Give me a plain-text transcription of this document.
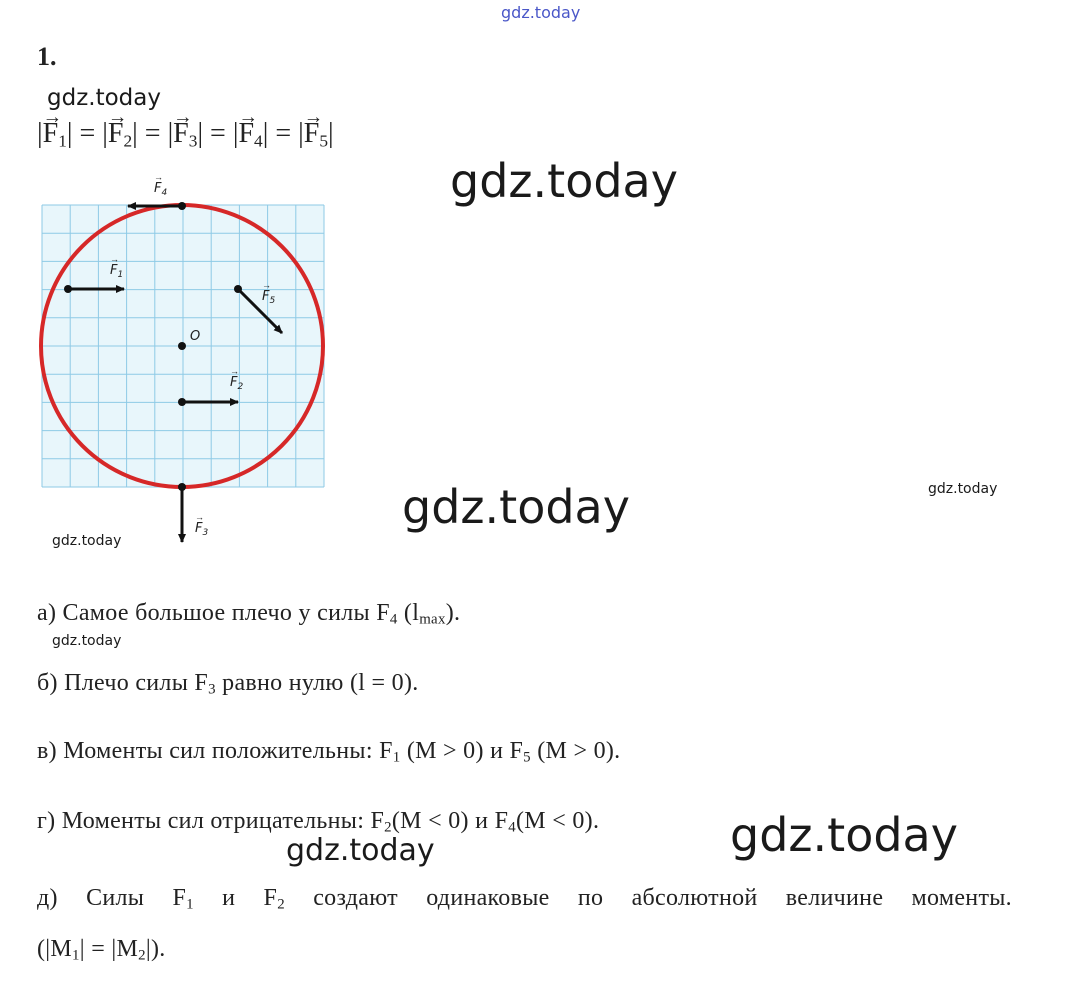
gdz.today
gdz.today
gdz.today
gdz.today	gdz.today
gdz.today
gdz.today
gdz.today
gdz.today
1.
|→ $F_1|$ = |→ $F_2|$ = |→ $F_3|$ = |→ $F_4|$ = |→ $F_5|$
$F_1$
→
$F_5$
→
O
$F_2$
→
$F_4$
→
$F_3$
→
а) Самое большое плечо у силы $F_4$ $(l_{max})$.
б) Плечо силы $F_3$ равно нулю (l = 0).
в) Моменты сил положительны: $F_1$ (M > 0) и $F_5$ (M > 0).
г) Моменты сил отрицательны: $F_2(M < 0)$ и $F_4(M < 0)$.
д) Силы $F_1$ и $F_2$ создают одинаковые по абсолютной величине моменты.
$(|M_1| = |M_2|)$.
